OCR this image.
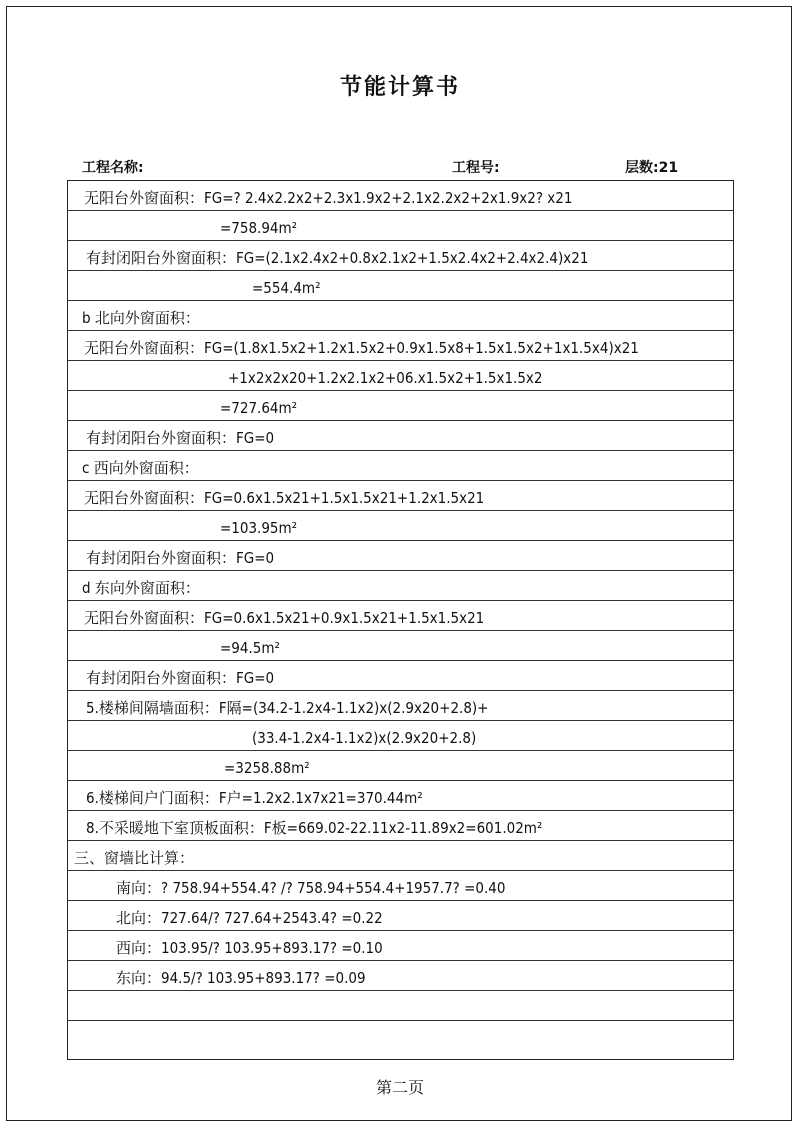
节能计算书
工程名称:	工程号:	层数:21
无阳台外窗面积：FG=? 2.4x2.2x2+2.3x1.9x2+2.1x2.2x2+2x1.9x2? x21
=758.94m²
有封闭阳台外窗面积：FG=(2.1x2.4x2+0.8x2.1x2+1.5x2.4x2+2.4x2.4)x21
=554.4m²
b 北向外窗面积：
无阳台外窗面积：FG=(1.8x1.5x2+1.2x1.5x2+0.9x1.5x8+1.5x1.5x2+1x1.5x4)x21
+1x2x2x20+1.2x2.1x2+06.x1.5x2+1.5x1.5x2
=727.64m²
有封闭阳台外窗面积：FG=0
c 西向外窗面积：
无阳台外窗面积：FG=0.6x1.5x21+1.5x1.5x21+1.2x1.5x21
=103.95m²
有封闭阳台外窗面积：FG=0
d 东向外窗面积：
无阳台外窗面积：FG=0.6x1.5x21+0.9x1.5x21+1.5x1.5x21
=94.5m²
有封闭阳台外窗面积：FG=0
5.楼梯间隔墙面积：F隔=(34.2-1.2x4-1.1x2)x(2.9x20+2.8)+
(33.4-1.2x4-1.1x2)x(2.9x20+2.8)
=3258.88m²
6.楼梯间户门面积：F户=1.2x2.1x7x21=370.44m²
8.不采暖地下室顶板面积：F板=669.02-22.11x2-11.89x2=601.02m²
三、窗墙比计算：
南向：? 758.94+554.4? /? 758.94+554.4+1957.7? =0.40
北向：727.64/? 727.64+2543.4? =0.22
西向：103.95/? 103.95+893.17? =0.10
东向：94.5/? 103.95+893.17? =0.09
第二页
